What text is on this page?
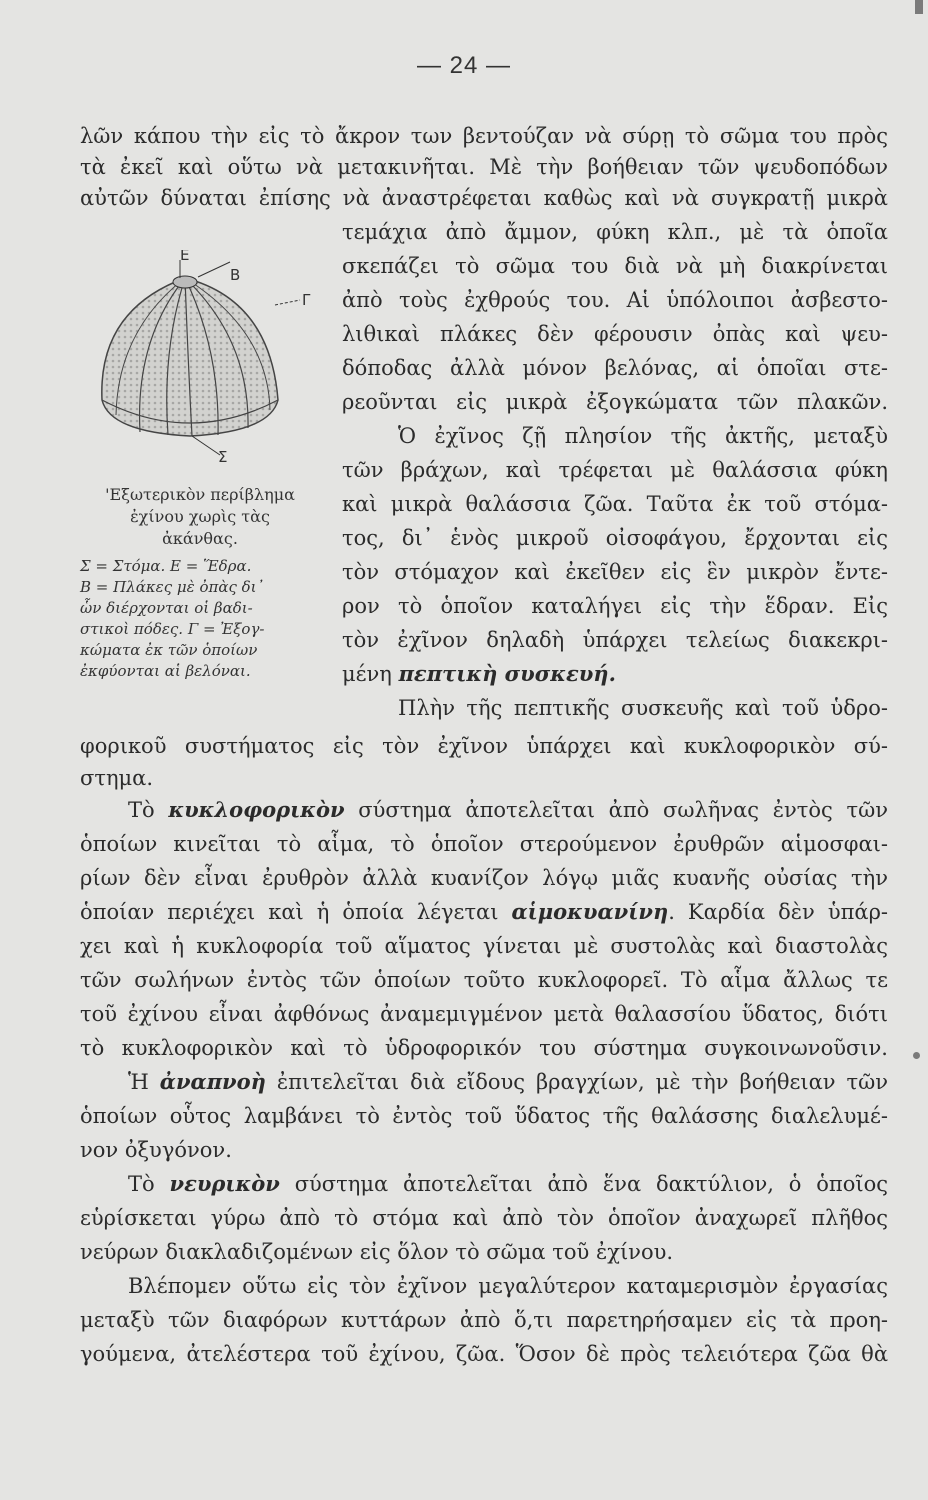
— 24 —
λῶν κάπου τὴν εἰς τὸ ἄκρον των βεντούζαν νὰ σύρῃ τὸ σῶμα του πρὸς
τὰ ἐκεῖ καὶ οὕτω νὰ μετακινῆται. Μὲ τὴν βοήθειαν τῶν ψευδοπόδων
αὐτῶν δύναται ἐπίσης νὰ ἀναστρέφεται καθὼς καὶ νὰ συγκρατῇ μικρὰ
τεμάχια ἀπὸ ἄμμον, φύκη κλπ., μὲ τὰ ὁποῖα
σκεπάζει τὸ σῶμα του διὰ νὰ μὴ διακρίνεται
ἀπὸ τοὺς ἐχθρούς του. Αἱ ὑπόλοιποι ἀσβεστο-
λιθικαὶ πλάκες δὲν φέρουσιν ὀπὰς καὶ ψευ-
δόποδας ἀλλὰ μόνον βελόνας, αἱ ὁποῖαι στε-
ρεοῦνται εἰς μικρὰ ἐξογκώματα τῶν πλακῶν.
Ὁ ἐχῖνος ζῇ πλησίον τῆς ἀκτῆς, μεταξὺ
τῶν βράχων, καὶ τρέφεται μὲ θαλάσσια φύκη
καὶ μικρὰ θαλάσσια ζῶα. Ταῦτα ἐκ τοῦ στόμα-
τος, δι᾿ ἑνὸς μικροῦ οἰσοφάγου, ἔρχονται εἰς
τὸν στόμαχον καὶ ἐκεῖθεν εἰς ἓν μικρὸν ἔντε-
ρον τὸ ὁποῖον καταλήγει εἰς τὴν ἕδραν. Εἰς
τὸν ἐχῖνον δηλαδὴ ὑπάρχει τελείως διακεκρι-
μένη πεπτικὴ συσκευή.
Πλὴν τῆς πεπτικῆς συσκευῆς καὶ τοῦ ὑδρο-
Ε
Β
Γ
Σ
'Εξωτερικὸν περίβλημα
ἐχίνου χωρὶς τὰς
ἀκάνθας.
Σ = Στόμα. Ε = Ἕδρα.
Β = Πλάκες μὲ ὀπὰς δι᾿
ὧν διέρχονται οἱ βαδι-
στικοὶ πόδες. Γ = Ἐξογ-
κώματα ἐκ τῶν ὁποίων
ἐκφύονται αἱ βελόναι.
φορικοῦ συστήματος εἰς τὸν ἐχῖνον ὑπάρχει καὶ κυκλοφορικὸν σύ-
στημα.
Τὸ κυκλοφορικὸν σύστημα ἀποτελεῖται ἀπὸ σωλῆνας ἐντὸς τῶν
ὁποίων κινεῖται τὸ αἷμα, τὸ ὁποῖον στερούμενον ἐρυθρῶν αἱμοσφαι-
ρίων δὲν εἶναι ἐρυθρὸν ἀλλὰ κυανίζον λόγῳ μιᾶς κυανῆς οὐσίας τὴν
ὁποίαν περιέχει καὶ ἡ ὁποία λέγεται αἱμοκυανίνη. Καρδία δὲν ὑπάρ-
χει καὶ ἡ κυκλοφορία τοῦ αἵματος γίνεται μὲ συστολὰς καὶ διαστολὰς
τῶν σωλήνων ἐντὸς τῶν ὁποίων τοῦτο κυκλοφορεῖ. Τὸ αἷμα ἄλλως τε
τοῦ ἐχίνου εἶναι ἀφθόνως ἀναμεμιγμένον μετὰ θαλασσίου ὕδατος, διότι
τὸ κυκλοφορικὸν καὶ τὸ ὑδροφορικόν του σύστημα συγκοινωνοῦσιν.
Ἡ ἀναπνοὴ ἐπιτελεῖται διὰ εἴδους βραγχίων, μὲ τὴν βοήθειαν τῶν
ὁποίων οὗτος λαμβάνει τὸ ἐντὸς τοῦ ὕδατος τῆς θαλάσσης διαλελυμέ-
νον ὀξυγόνον.
Τὸ νευρικὸν σύστημα ἀποτελεῖται ἀπὸ ἕνα δακτύλιον, ὁ ὁποῖος
εὑρίσκεται γύρω ἀπὸ τὸ στόμα καὶ ἀπὸ τὸν ὁποῖον ἀναχωρεῖ πλῆθος
νεύρων διακλαδιζομένων εἰς ὅλον τὸ σῶμα τοῦ ἐχίνου.
Βλέπομεν οὕτω εἰς τὸν ἐχῖνον μεγαλύτερον καταμερισμὸν ἐργασίας
μεταξὺ τῶν διαφόρων κυττάρων ἀπὸ ὅ,τι παρετηρήσαμεν εἰς τὰ προη-
γούμενα, ἀτελέστερα τοῦ ἐχίνου, ζῶα. Ὅσον δὲ πρὸς τελειότερα ζῶα θὰ
